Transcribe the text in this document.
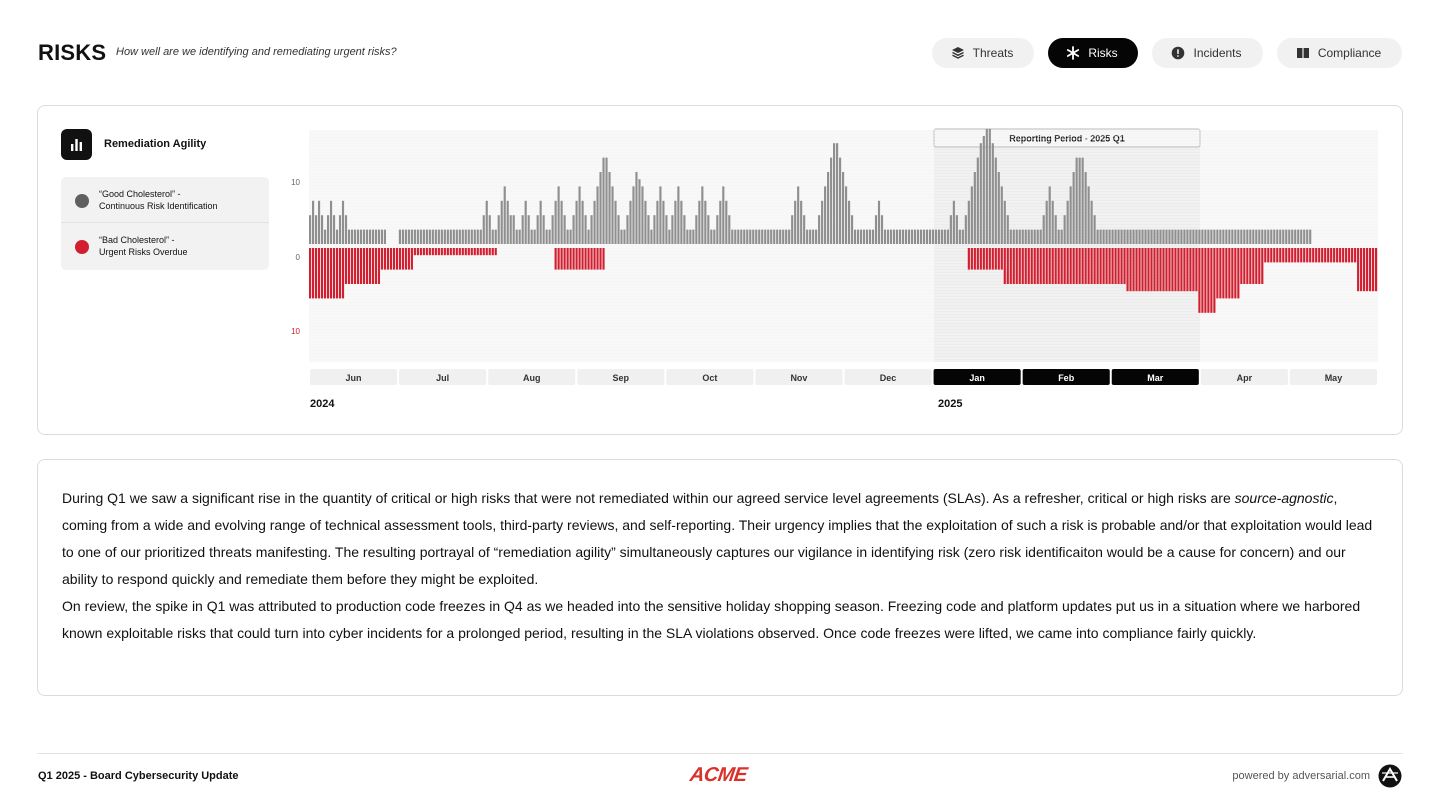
RISKS How well are we identifying and remediating urgent risks?	Threats	Risks	Incidents	Compliance
Remediation Agility
“Good Cholesterol” -
Continuous Risk Identification
“Bad Cholesterol” -
Urgent Risks Overdue
Reporting Period - 2025 Q1
10
0
10
Jun	Jul	Aug	Sep	Oct	Nov	Dec	Jan	Feb	Mar	Apr	May
2024	2025

During Q1 we saw a significant rise in the quantity of critical or high risks that were not remediated within our agreed service level agreements (SLAs). As a refresher, critical or high risks are source-agnostic, coming from a wide and evolving range of technical assessment tools, third-party reviews, and self-reporting. Their urgency implies that the exploitation of such a risk is probable and/or that exploitation would lead to one of our prioritized threats manifesting. The resulting portrayal of “remediation agility” simultaneously captures our vigilance in identifying risk (zero risk identificaiton would be a cause for concern) and our ability to respond quickly and remediate them before they might be exploited.

On review, the spike in Q1 was attributed to production code freezes in Q4 as we headed into the sensitive holiday shopping season. Freezing code and platform updates put us in a situation where we harbored known exploitable risks that could turn into cyber incidents for a prolonged period, resulting in the SLA violations observed. Once code freezes were lifted, we came into compliance fairly quickly.

Q1 2025 - Board Cybersecurity Update	ACME	powered by adversarial.com
